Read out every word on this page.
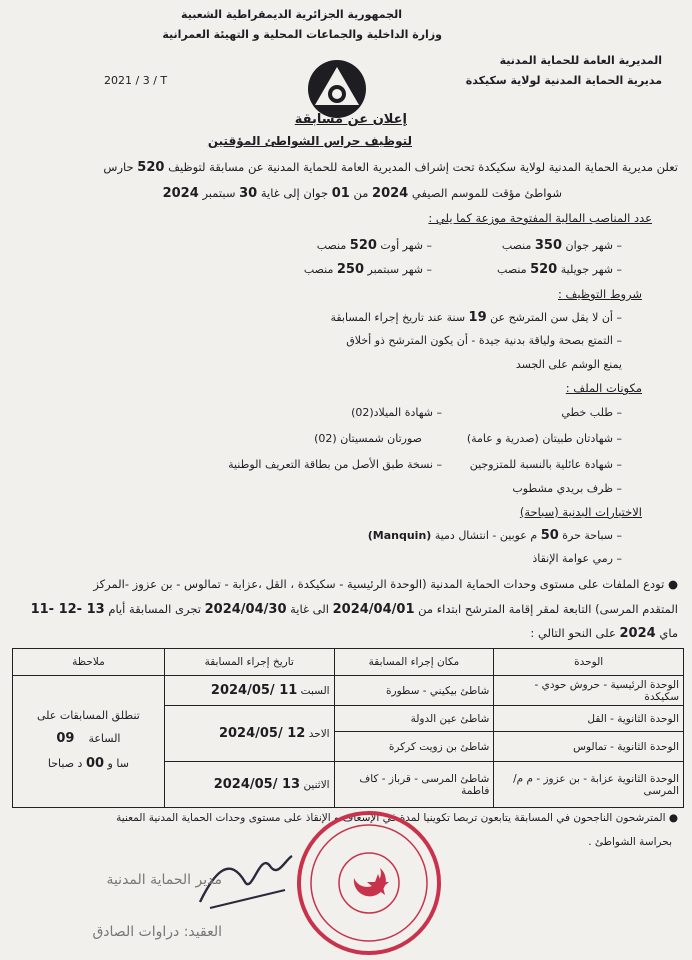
الجمهورية الجزائرية الديمقراطية الشعبية
وزارة الداخلية والجماعات المحلية و التهيئة العمرانية
المديرية العامة للحماية المدنية
مديرية الحماية المدنية لولاية سكيكدة
2021 / 3 / T
إعلان عن مسابقة
لتوظيف حراس الشواطئ المؤقتين
تعلن مديرية الحماية المدنية لولاية سكيكدة تحت إشراف المديرية العامة للحماية المدنية عن مسابقة لتوظيف 520 حارس
شواطئ مؤقت للموسم الصيفي 2024 من 01 جوان إلى غاية 30 سبتمبر 2024
عدد المناصب المالية المفتوحة موزعة كما يلي :
– شهر جوان 350 منصب
– شهر أوت 520 منصب
– شهر جويلية 520 منصب
– شهر سبتمبر 250 منصب
شروط التوظيف :
– أن لا يقل سن المترشح عن 19 سنة عند تاريخ إجراء المسابقة
– التمتع بصحة ولياقة بدنية جيدة - أن يكون المترشح ذو أخلاق
يمنع الوشم على الجسد
مكونات الملف :
– طلب خطي
– شهادة الميلاد(02)
– شهادتان طبيتان (صدرية و عامة)
صورتان شمسيتان (02)
– شهادة عائلية بالنسبة للمتزوجين
– نسخة طبق الأصل من بطاقة التعريف الوطنية
– ظرف بريدي مشطوب
الاختبارات البدنية (سباحة)
– سباحة حرة 50 م عوبين - انتشال دمية (Manquin)
– رمي عوامة الإنقاذ
● تودع الملفات على مستوى وحدات الحماية المدنية (الوحدة الرئيسية - سكيكدة ، القل ،عزابة - تمالوس - بن عزوز -المركز
المتقدم المرسى) التابعة لمقر إقامة المترشح ابتداء من 2024/04/01 الى غاية 2024/04/30 تجرى المسابقة أيام 11- 12- 13
ماي 2024 على النحو التالي :
الوحدة	مكان إجراء المسابقة	تاريخ إجراء المسابقة	ملاحظة
الوحدة الرئيسية - حروش حودي - سكيكدة	شاطئ بيكيني - سطورة	السبت 2024/05/ 11	تنطلق المسابقات على
الساعة    09
سا و 00 د صباحا

الوحدة الثانوية - القل	شاطئ عين الدولة	الاحد 2024/05/ 12	
الوحدة الثانوية - تمالوس	شاطئ بن زويت كركرة		
الوحدة الثانوية عزابة - بن عزوز - م م/المرسى	شاطئ المرسى - قرباز - كاف فاطمة	الاثنين 2024/05/ 13	
● المترشحون الناجحون في المسابقة يتابعون تربصا تكوينيا لمدة في الإسعاف و الإنقاذ على مستوى وحدات الحماية المدنية المعنية
بحراسة الشواطئ .
مدير الحماية المدنية
العقيد: دراوات الصادق
